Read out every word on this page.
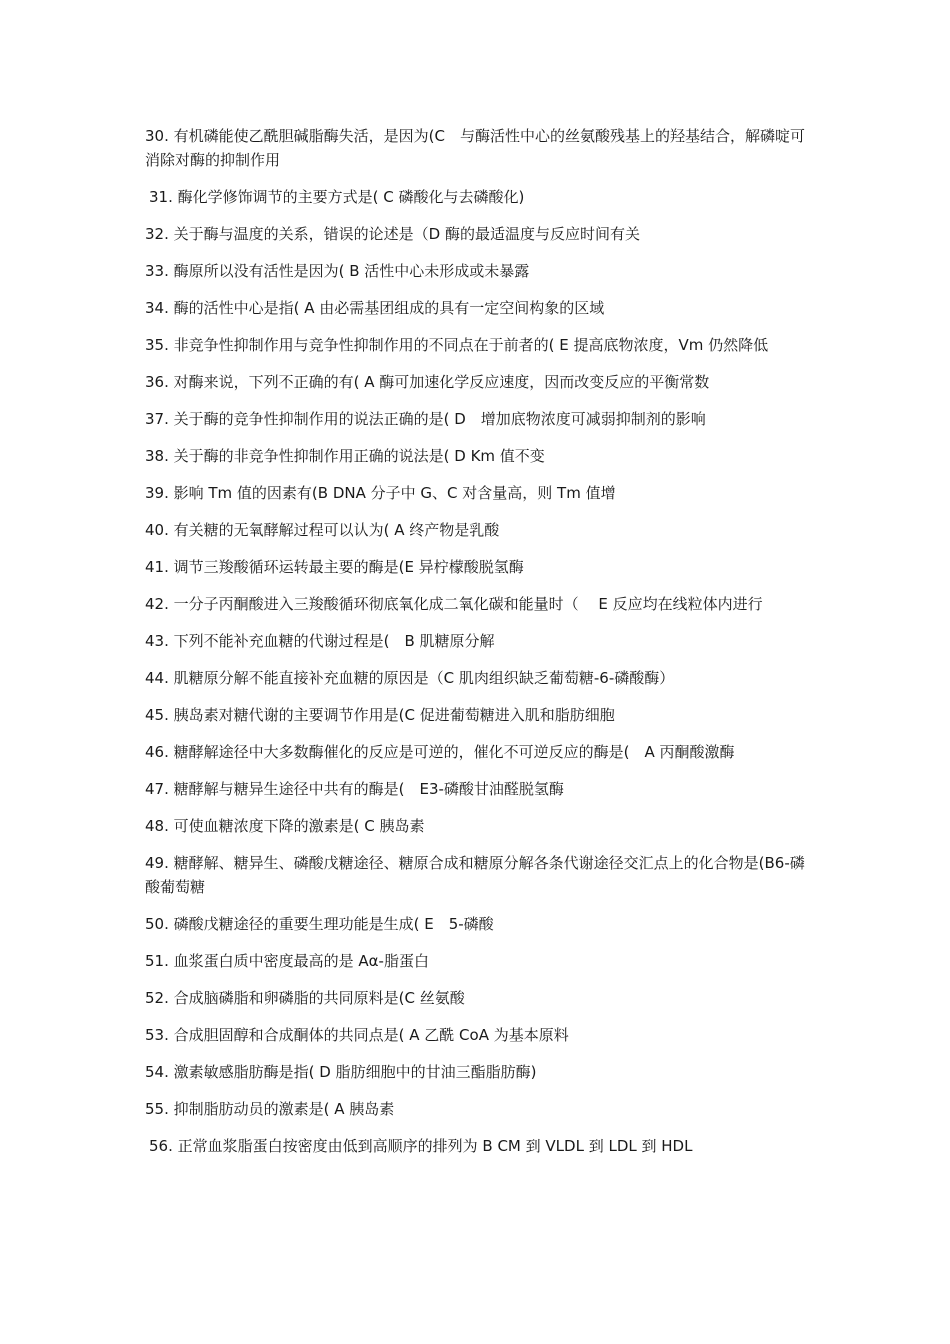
30. 有机磷能使乙酰胆碱脂酶失活，是因为(C　与酶活性中心的丝氨酸残基上的羟基结合，解磷啶可消除对酶的抑制作用

31. 酶化学修饰调节的主要方式是( C 磷酸化与去磷酸化)

32. 关于酶与温度的关系，错误的论述是（D 酶的最适温度与反应时间有关

33. 酶原所以没有活性是因为( B 活性中心未形成或未暴露

34. 酶的活性中心是指( A 由必需基团组成的具有一定空间构象的区域

35. 非竞争性抑制作用与竞争性抑制作用的不同点在于前者的( E 提高底物浓度，Vm 仍然降低

36. 对酶来说，下列不正确的有( A 酶可加速化学反应速度，因而改变反应的平衡常数

37. 关于酶的竞争性抑制作用的说法正确的是( D　增加底物浓度可减弱抑制剂的影响

38. 关于酶的非竞争性抑制作用正确的说法是( D Km 值不变

39. 影响 Tm 值的因素有(B DNA 分子中 G、C 对含量高，则 Tm 值增

40. 有关糖的无氧酵解过程可以认为( A 终产物是乳酸

41. 调节三羧酸循环运转最主要的酶是(E 异柠檬酸脱氢酶

42. 一分子丙酮酸进入三羧酸循环彻底氧化成二氧化碳和能量时（　 E 反应均在线粒体内进行

43. 下列不能补充血糖的代谢过程是(　B 肌糖原分解

44. 肌糖原分解不能直接补充血糖的原因是（C 肌肉组织缺乏葡萄糖-6-磷酸酶）

45. 胰岛素对糖代谢的主要调节作用是(C 促进葡萄糖进入肌和脂肪细胞

46. 糖酵解途径中大多数酶催化的反应是可逆的，催化不可逆反应的酶是(　A 丙酮酸激酶

47. 糖酵解与糖异生途径中共有的酶是(　E3-磷酸甘油醛脱氢酶

48. 可使血糖浓度下降的激素是( C 胰岛素

49. 糖酵解、糖异生、磷酸戊糖途径、糖原合成和糖原分解各条代谢途径交汇点上的化合物是(B6-磷酸葡萄糖

50. 磷酸戊糖途径的重要生理功能是生成( E　5-磷酸

51. 血浆蛋白质中密度最高的是 Aα-脂蛋白

52. 合成脑磷脂和卵磷脂的共同原料是(C 丝氨酸

53. 合成胆固醇和合成酮体的共同点是( A 乙酰 CoA 为基本原料

54. 激素敏感脂肪酶是指( D 脂肪细胞中的甘油三酯脂肪酶)

55. 抑制脂肪动员的激素是( A 胰岛素

56. 正常血浆脂蛋白按密度由低到高顺序的排列为 B CM 到 VLDL 到 LDL 到 HDL
